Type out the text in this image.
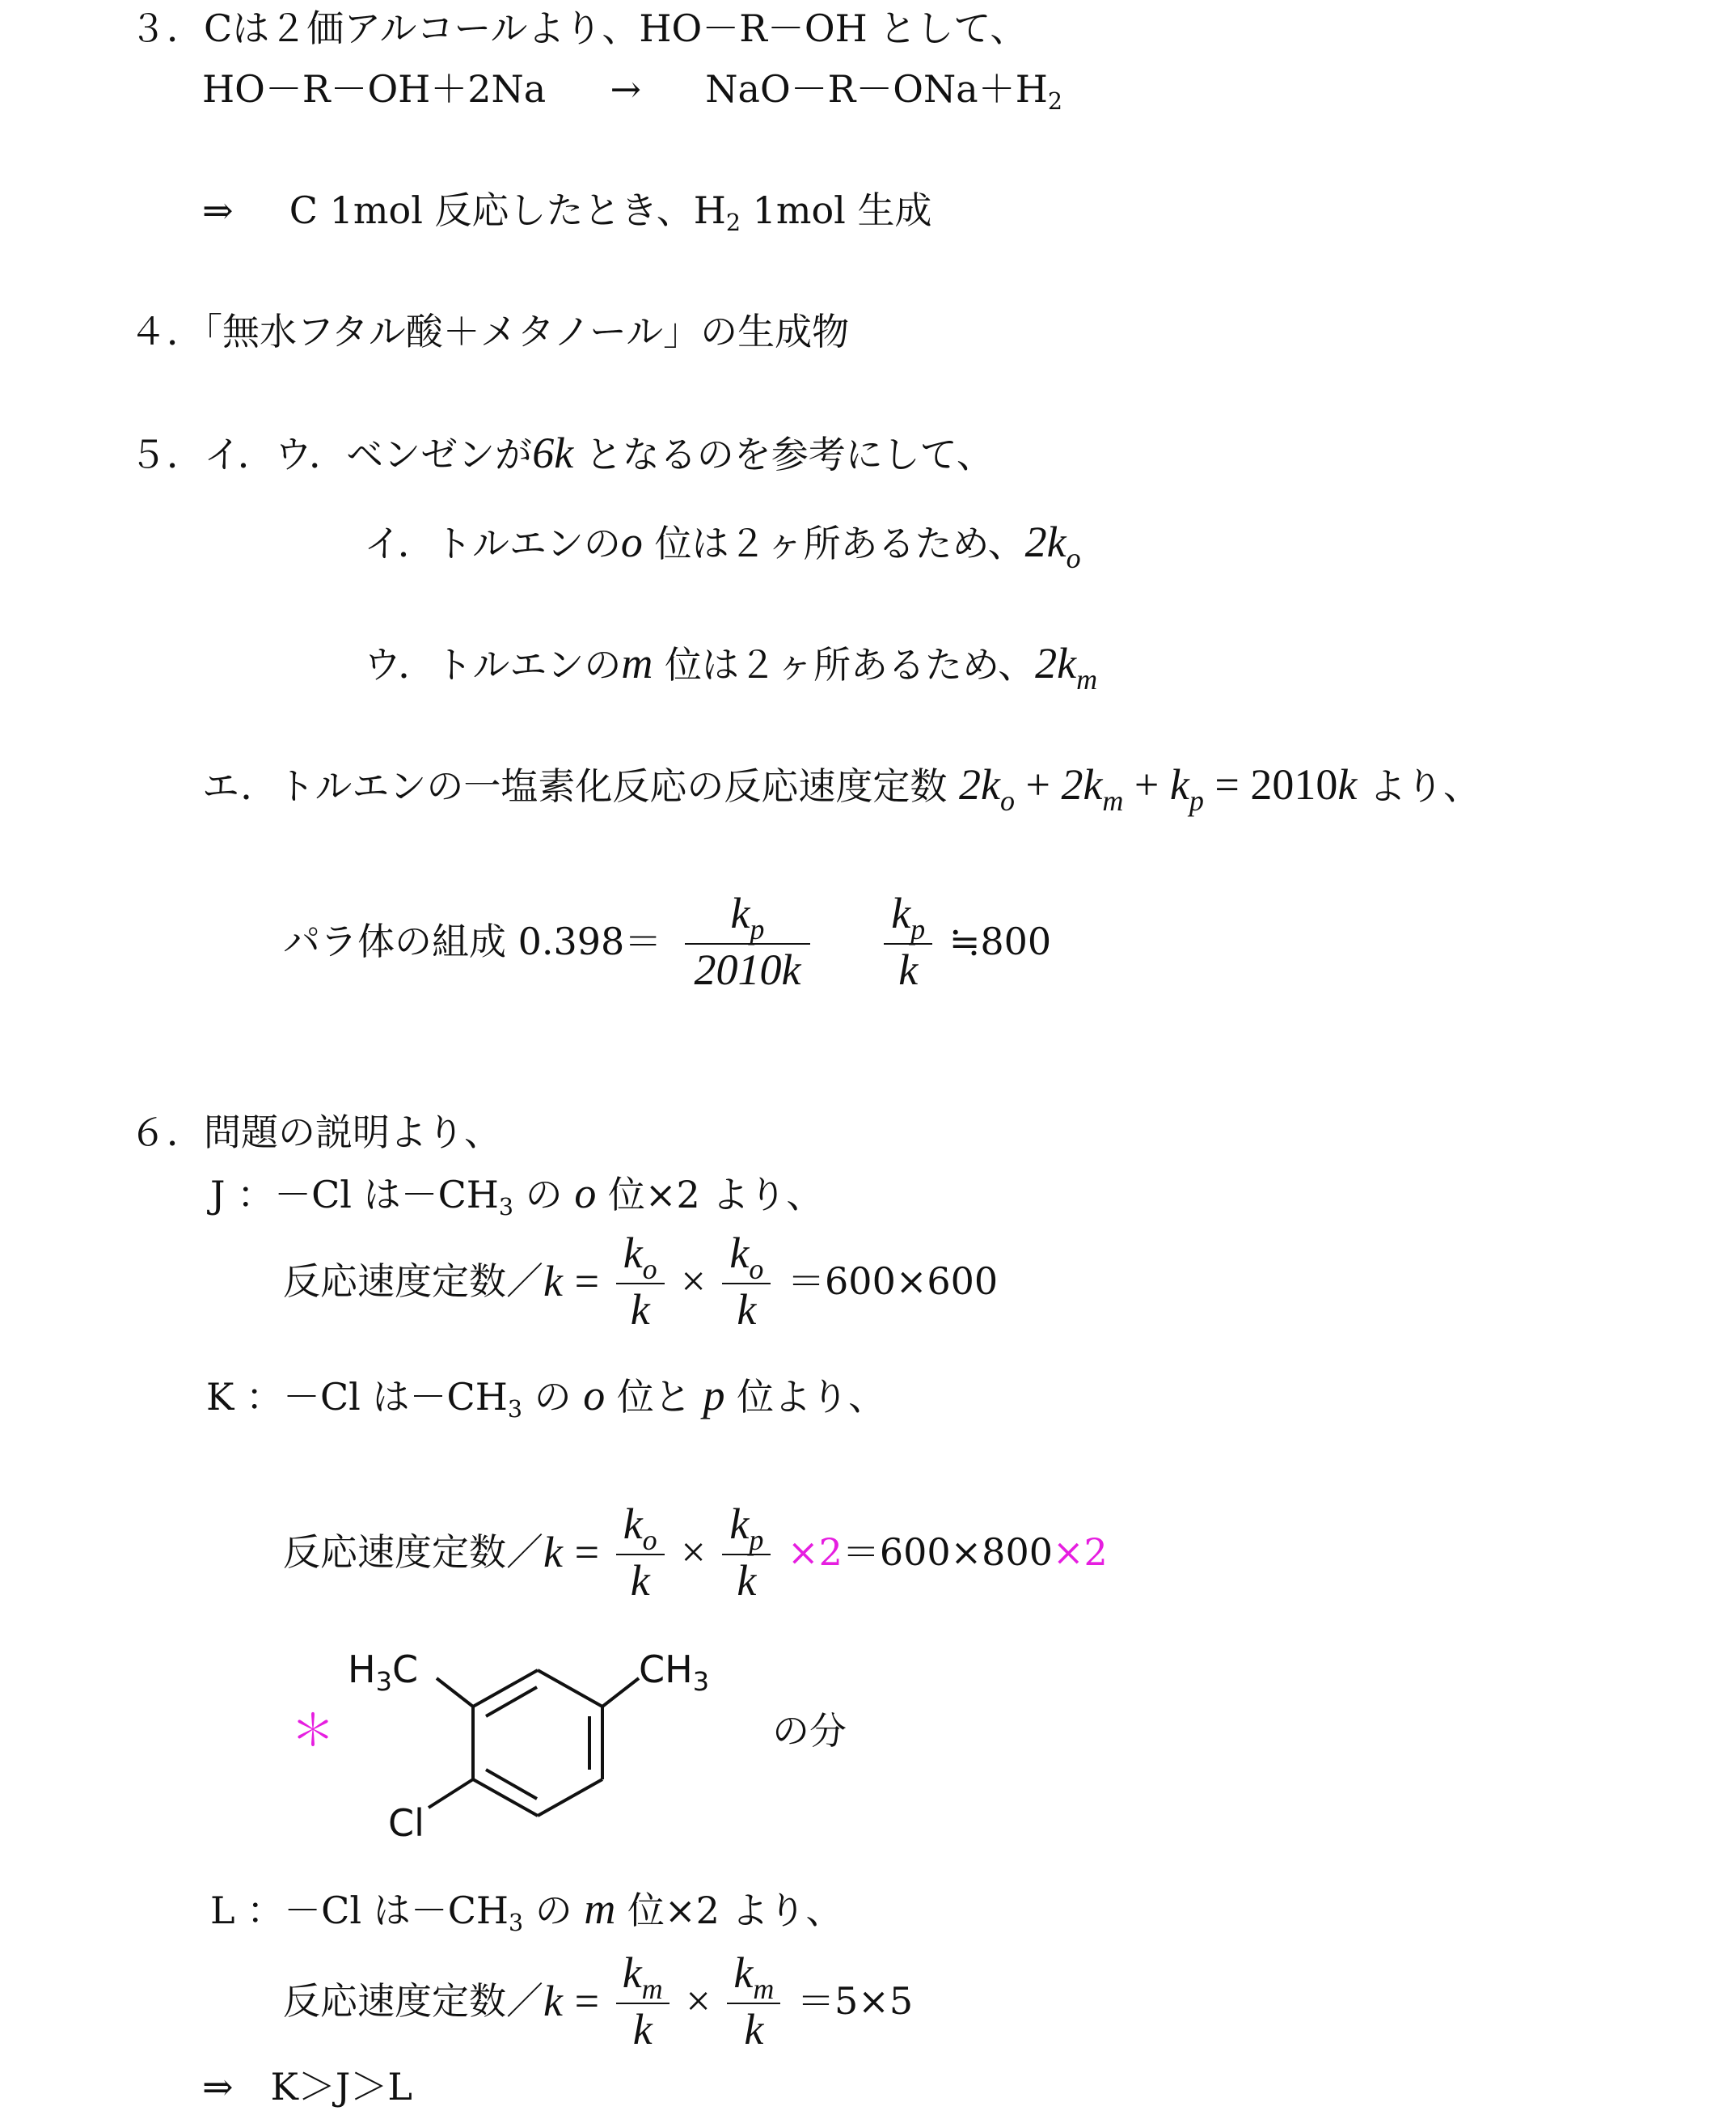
３．Cは２価アルコールより、HO－R－OH として、
HO－R－OH＋2Na → NaO－R－ONa＋H2
⇒ C 1mol 反応したとき、H2 1mol 生成
４．「無水フタル酸＋メタノール」の生成物
５．イ．ウ．ベンゼンが6k となるのを参考にして、
イ．トルエンのo 位は２ヶ所あるため、$2k_o$
ウ．トルエンのm 位は２ヶ所あるため、$2k_m$
エ．トルエンの一塩素化反応の反応速度定数 $2k_o + 2k_m + k_p = 2010k$ より、
パラ体の組成 $0.398= \frac{k_p}{2010k}$
$\frac{k_p}{k}$ ≒800
６．問題の説明より、
J ：－Cl は－CH3 の o 位×2 より、
反応速度定数／k = $\frac{k_o}{k} \times \frac{k_o}{k} =600\times 600$
K ：－Cl は－CH3 の o 位と p 位より、
反応速度定数／k = $\frac{k_o}{k} \times \frac{k_p}{k} \times 2=600\times 800\times 2$
＊
$H_3C$	$CH_3$
Cl
の分
L ：－Cl は－CH3 の m 位×2 より、
反応速度定数／k = $\frac{k_m}{k} \times \frac{k_m}{k} =5\times 5$
⇒　K＞J＞L
